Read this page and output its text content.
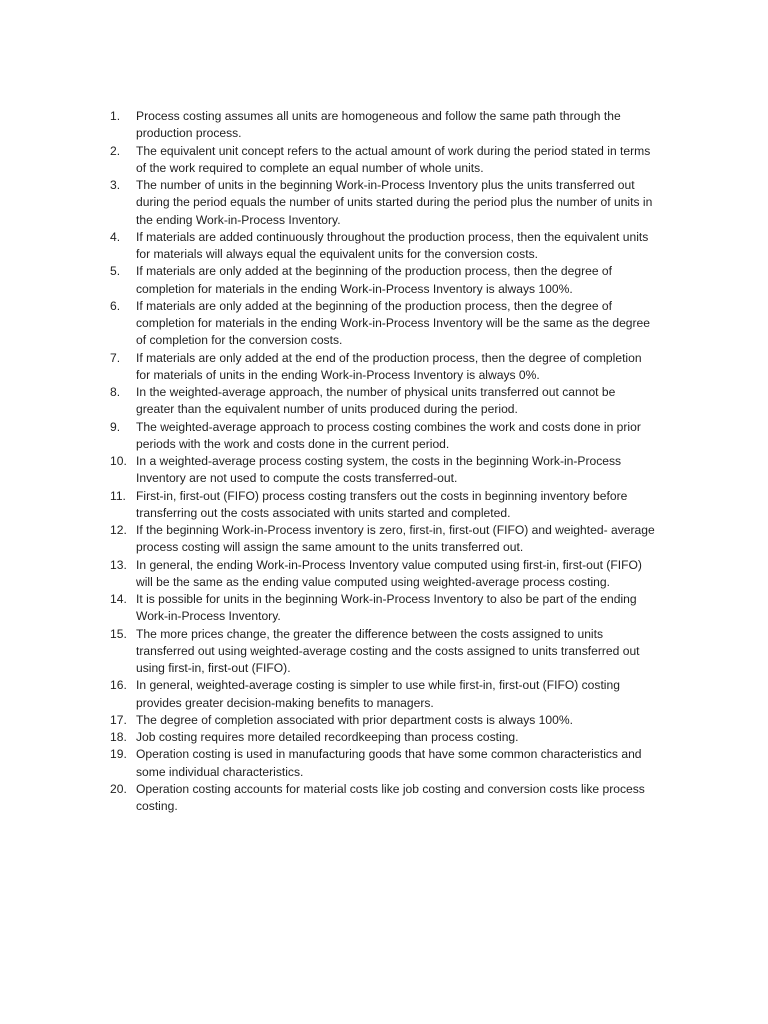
1.	Process costing assumes all units are homogeneous and follow the same path through the production process.
2.	The equivalent unit concept refers to the actual amount of work during the period stated in terms of the work required to complete an equal number of whole units.
3.	The number of units in the beginning Work-in-Process Inventory plus the units transferred out during the period equals the number of units started during the period plus the number of units in the ending Work-in-Process Inventory.
4.	If materials are added continuously throughout the production process, then the equivalent units for materials will always equal the equivalent units for the conversion costs.
5.	If materials are only added at the beginning of the production process, then the degree of completion for materials in the ending Work-in-Process Inventory is always 100%.
6.	If materials are only added at the beginning of the production process, then the degree of completion for materials in the ending Work-in-Process Inventory will be the same as the degree of completion for the conversion costs.
7.	If materials are only added at the end of the production process, then the degree of completion for materials of units in the ending Work-in-Process Inventory is always 0%.
8.	In the weighted-average approach, the number of physical units transferred out cannot be greater than the equivalent number of units produced during the period.
9.	The weighted-average approach to process costing combines the work and costs done in prior periods with the work and costs done in the current period.
10. In a weighted-average process costing system, the costs in the beginning Work-in-Process Inventory are not used to compute the costs transferred-out.
11. First-in, first-out (FIFO) process costing transfers out the costs in beginning inventory before transferring out the costs associated with units started and completed.
12. If the beginning Work-in-Process inventory is zero, first-in, first-out (FIFO) and weighted- average process costing will assign the same amount to the units transferred out.
13. In general, the ending Work-in-Process Inventory value computed using first-in, first-out (FIFO) will be the same as the ending value computed using weighted-average process costing.
14. It is possible for units in the beginning Work-in-Process Inventory to also be part of the ending Work-in-Process Inventory.
15. The more prices change, the greater the difference between the costs assigned to units transferred out using weighted-average costing and the costs assigned to units transferred out using first-in, first-out (FIFO).
16. In general, weighted-average costing is simpler to use while first-in, first-out (FIFO) costing provides greater decision-making benefits to managers.
17. The degree of completion associated with prior department costs is always 100%.
18. Job costing requires more detailed recordkeeping than process costing.
19. Operation costing is used in manufacturing goods that have some common characteristics and some individual characteristics.
20. Operation costing accounts for material costs like job costing and conversion costs like process costing.
